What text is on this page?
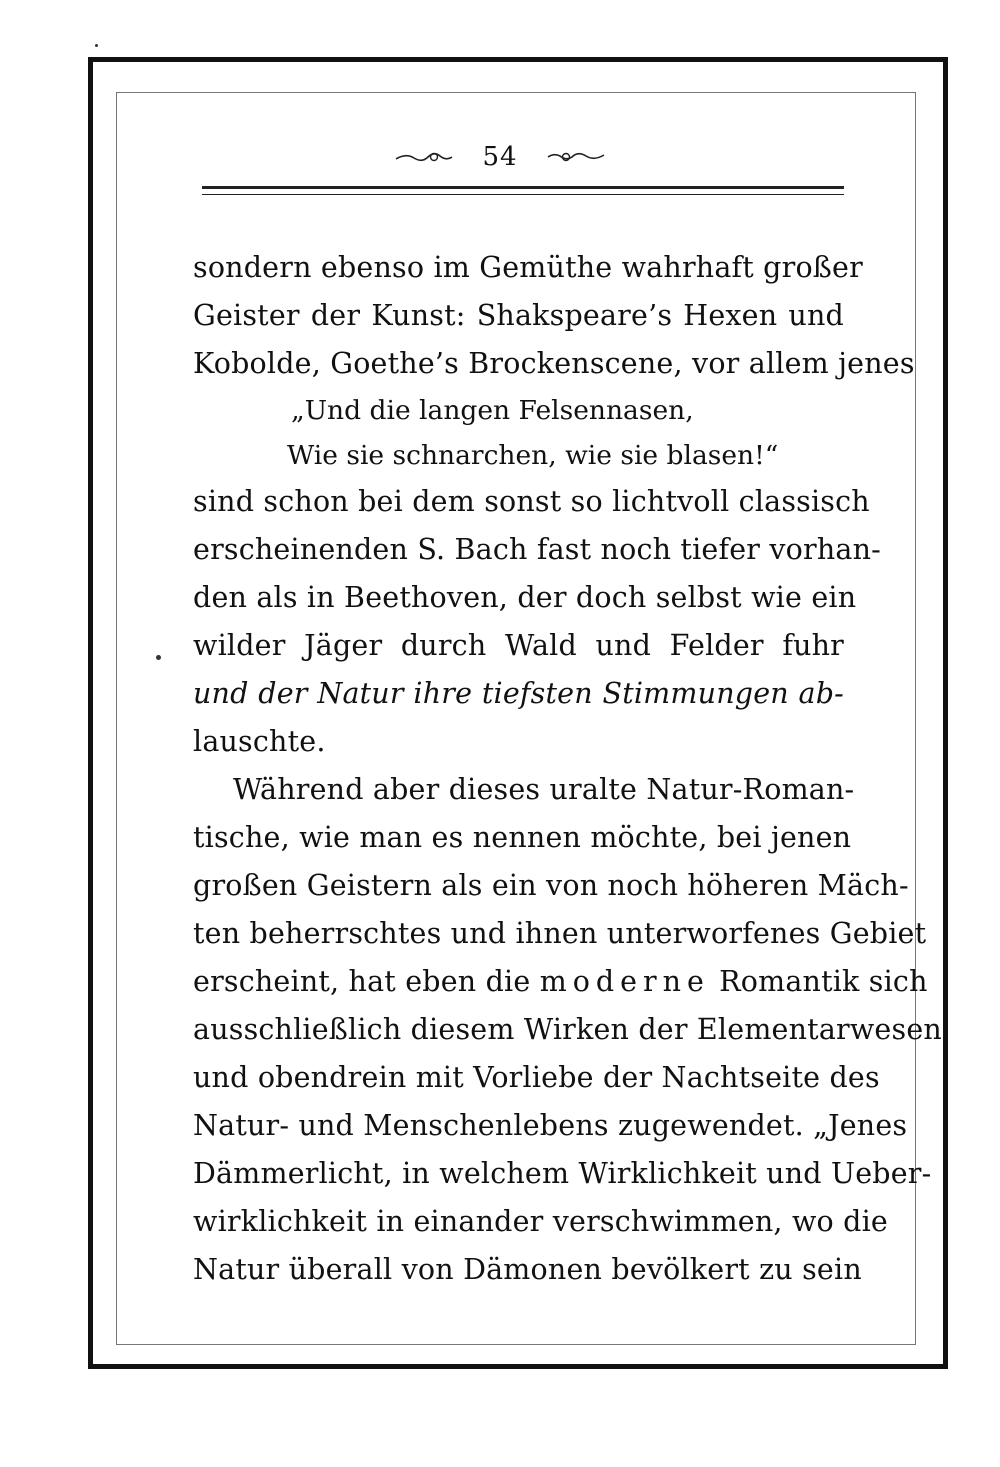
54
sondern ebenso im Gemüthe wahrhaft großer
Geister der Kunst: Shakspeare’s Hexen und
Kobolde, Goethe’s Brockenscene, vor allem jenes
„Und die langen Felsennasen,
Wie sie schnarchen, wie sie blasen!“
sind schon bei dem sonst so lichtvoll classisch
erscheinenden S. Bach fast noch tiefer vorhan-
den als in Beethoven, der doch selbst wie ein
wilder Jäger durch Wald und Felder fuhr
und der Natur ihre tiefsten Stimmungen ab-
lauschte.
Während aber dieses uralte Natur-Roman-
tische, wie man es nennen möchte, bei jenen
großen Geistern als ein von noch höheren Mäch-
ten beherrschtes und ihnen unterworfenes Gebiet
erscheint, hat eben die moderne Romantik sich
ausschließlich diesem Wirken der Elementarwesen
und obendrein mit Vorliebe der Nachtseite des
Natur- und Menschenlebens zugewendet. „Jenes
Dämmerlicht, in welchem Wirklichkeit und Ueber-
wirklichkeit in einander verschwimmen, wo die
Natur überall von Dämonen bevölkert zu sein
